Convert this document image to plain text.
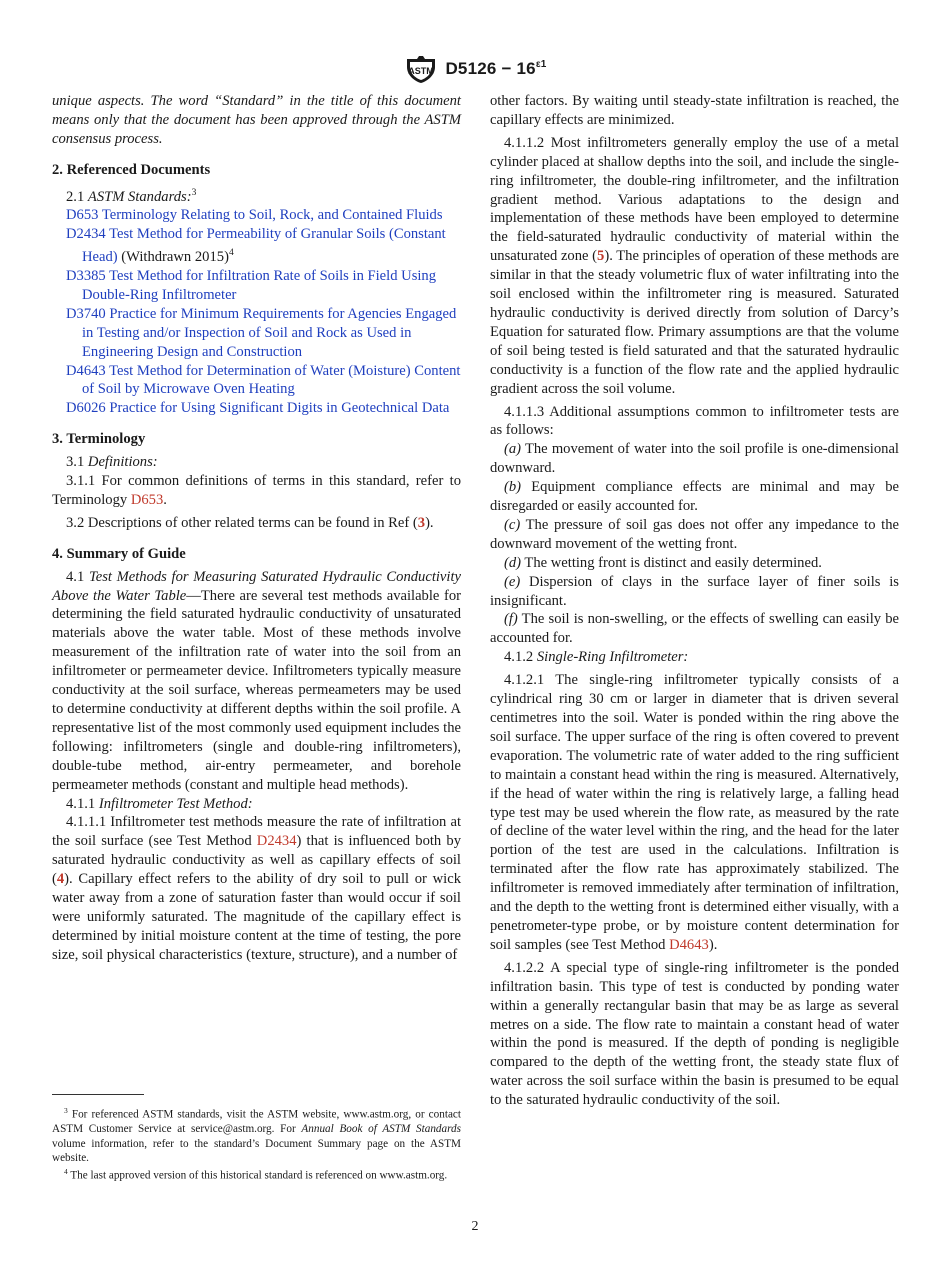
ASTM $D5126 - 16^{\varepsilon 1}$

unique aspects. The word “Standard” in the title of this document means only that the document has been approved through the ASTM consensus process.

2. Referenced Documents

2.1 ASTM Standards:$^3$

D653 Terminology Relating to Soil, Rock, and Contained Fluids

D2434 Test Method for Permeability of Granular Soils (Constant Head) (Withdrawn 2015)$^4$

D3385 Test Method for Infiltration Rate of Soils in Field Using Double-Ring Infiltrometer

D3740 Practice for Minimum Requirements for Agencies Engaged in Testing and/or Inspection of Soil and Rock as Used in Engineering Design and Construction

D4643 Test Method for Determination of Water (Moisture) Content of Soil by Microwave Oven Heating

D6026 Practice for Using Significant Digits in Geotechnical Data

3. Terminology

3.1 Definitions:

3.1.1 For common definitions of terms in this standard, refer to Terminology D653.

3.2 Descriptions of other related terms can be found in Ref (3).

4. Summary of Guide

4.1 Test Methods for Measuring Saturated Hydraulic Conductivity Above the Water Table—There are several test methods available for determining the field saturated hydraulic conductivity of unsaturated materials above the water table. Most of these methods involve measurement of the infiltration rate of water into the soil from an infiltrometer or permeameter device. Infiltrometers typically measure conductivity at the soil surface, whereas permeameters may be used to determine conductivity at different depths within the soil profile. A representative list of the most commonly used equipment includes the following: infiltrometers (single and double-ring infiltrometers), double-tube method, air-entry permeameter, and borehole permeameter methods (constant and multiple head methods).

4.1.1 Infiltrometer Test Method:

4.1.1.1 Infiltrometer test methods measure the rate of infiltration at the soil surface (see Test Method D2434) that is influenced both by saturated hydraulic conductivity as well as capillary effects of soil (4). Capillary effect refers to the ability of dry soil to pull or wick water away from a zone of saturation faster than would occur if soil were uniformly saturated. The magnitude of the capillary effect is determined by initial moisture content at the time of testing, the pore size, soil physical characteristics (texture, structure), and a number of

$^3$ For referenced ASTM standards, visit the ASTM website, www.astm.org, or contact ASTM Customer Service at service@astm.org. For Annual Book of ASTM Standards volume information, refer to the standard’s Document Summary page on the ASTM website.

$^4$ The last approved version of this historical standard is referenced on www.astm.org.

other factors. By waiting until steady-state infiltration is reached, the capillary effects are minimized.

4.1.1.2 Most infiltrometers generally employ the use of a metal cylinder placed at shallow depths into the soil, and include the single-ring infiltrometer, the double-ring infiltrometer, and the infiltration gradient method. Various adaptations to the design and implementation of these methods have been employed to determine the field-saturated hydraulic conductivity of material within the unsaturated zone (5). The principles of operation of these methods are similar in that the steady volumetric flux of water infiltrating into the soil enclosed within the infiltrometer ring is measured. Saturated hydraulic conductivity is derived directly from solution of Darcy’s Equation for saturated flow. Primary assumptions are that the volume of soil being tested is field saturated and that the saturated hydraulic conductivity is a function of the flow rate and the applied hydraulic gradient across the soil volume.

4.1.1.3 Additional assumptions common to infiltrometer tests are as follows:

(a) The movement of water into the soil profile is one-dimensional downward.

(b) Equipment compliance effects are minimal and may be disregarded or easily accounted for.

(c) The pressure of soil gas does not offer any impedance to the downward movement of the wetting front.

(d) The wetting front is distinct and easily determined.

(e) Dispersion of clays in the surface layer of finer soils is insignificant.

(f) The soil is non-swelling, or the effects of swelling can easily be accounted for.

4.1.2 Single-Ring Infiltrometer:

4.1.2.1 The single-ring infiltrometer typically consists of a cylindrical ring 30 cm or larger in diameter that is driven several centimetres into the soil. Water is ponded within the ring above the soil surface. The upper surface of the ring is often covered to prevent evaporation. The volumetric rate of water added to the ring sufficient to maintain a constant head within the ring is measured. Alternatively, if the head of water within the ring is relatively large, a falling head type test may be used wherein the flow rate, as measured by the rate of decline of the water level within the ring, and the head for the later portion of the test are used in the calculations. Infiltration is terminated after the flow rate has approximately stabilized. The infiltrometer is removed immediately after termination of infiltration, and the depth to the wetting front is determined either visually, with a penetrometer-type probe, or by moisture content determination for soil samples (see Test Method D4643).

4.1.2.2 A special type of single-ring infiltrometer is the ponded infiltration basin. This type of test is conducted by ponding water within a generally rectangular basin that may be as large as several metres on a side. The flow rate to maintain a constant head of water within the pond is measured. If the depth of ponding is negligible compared to the depth of the wetting front, the steady state flux of water across the soil surface within the basin is presumed to be equal to the saturated hydraulic conductivity of the soil.

2
